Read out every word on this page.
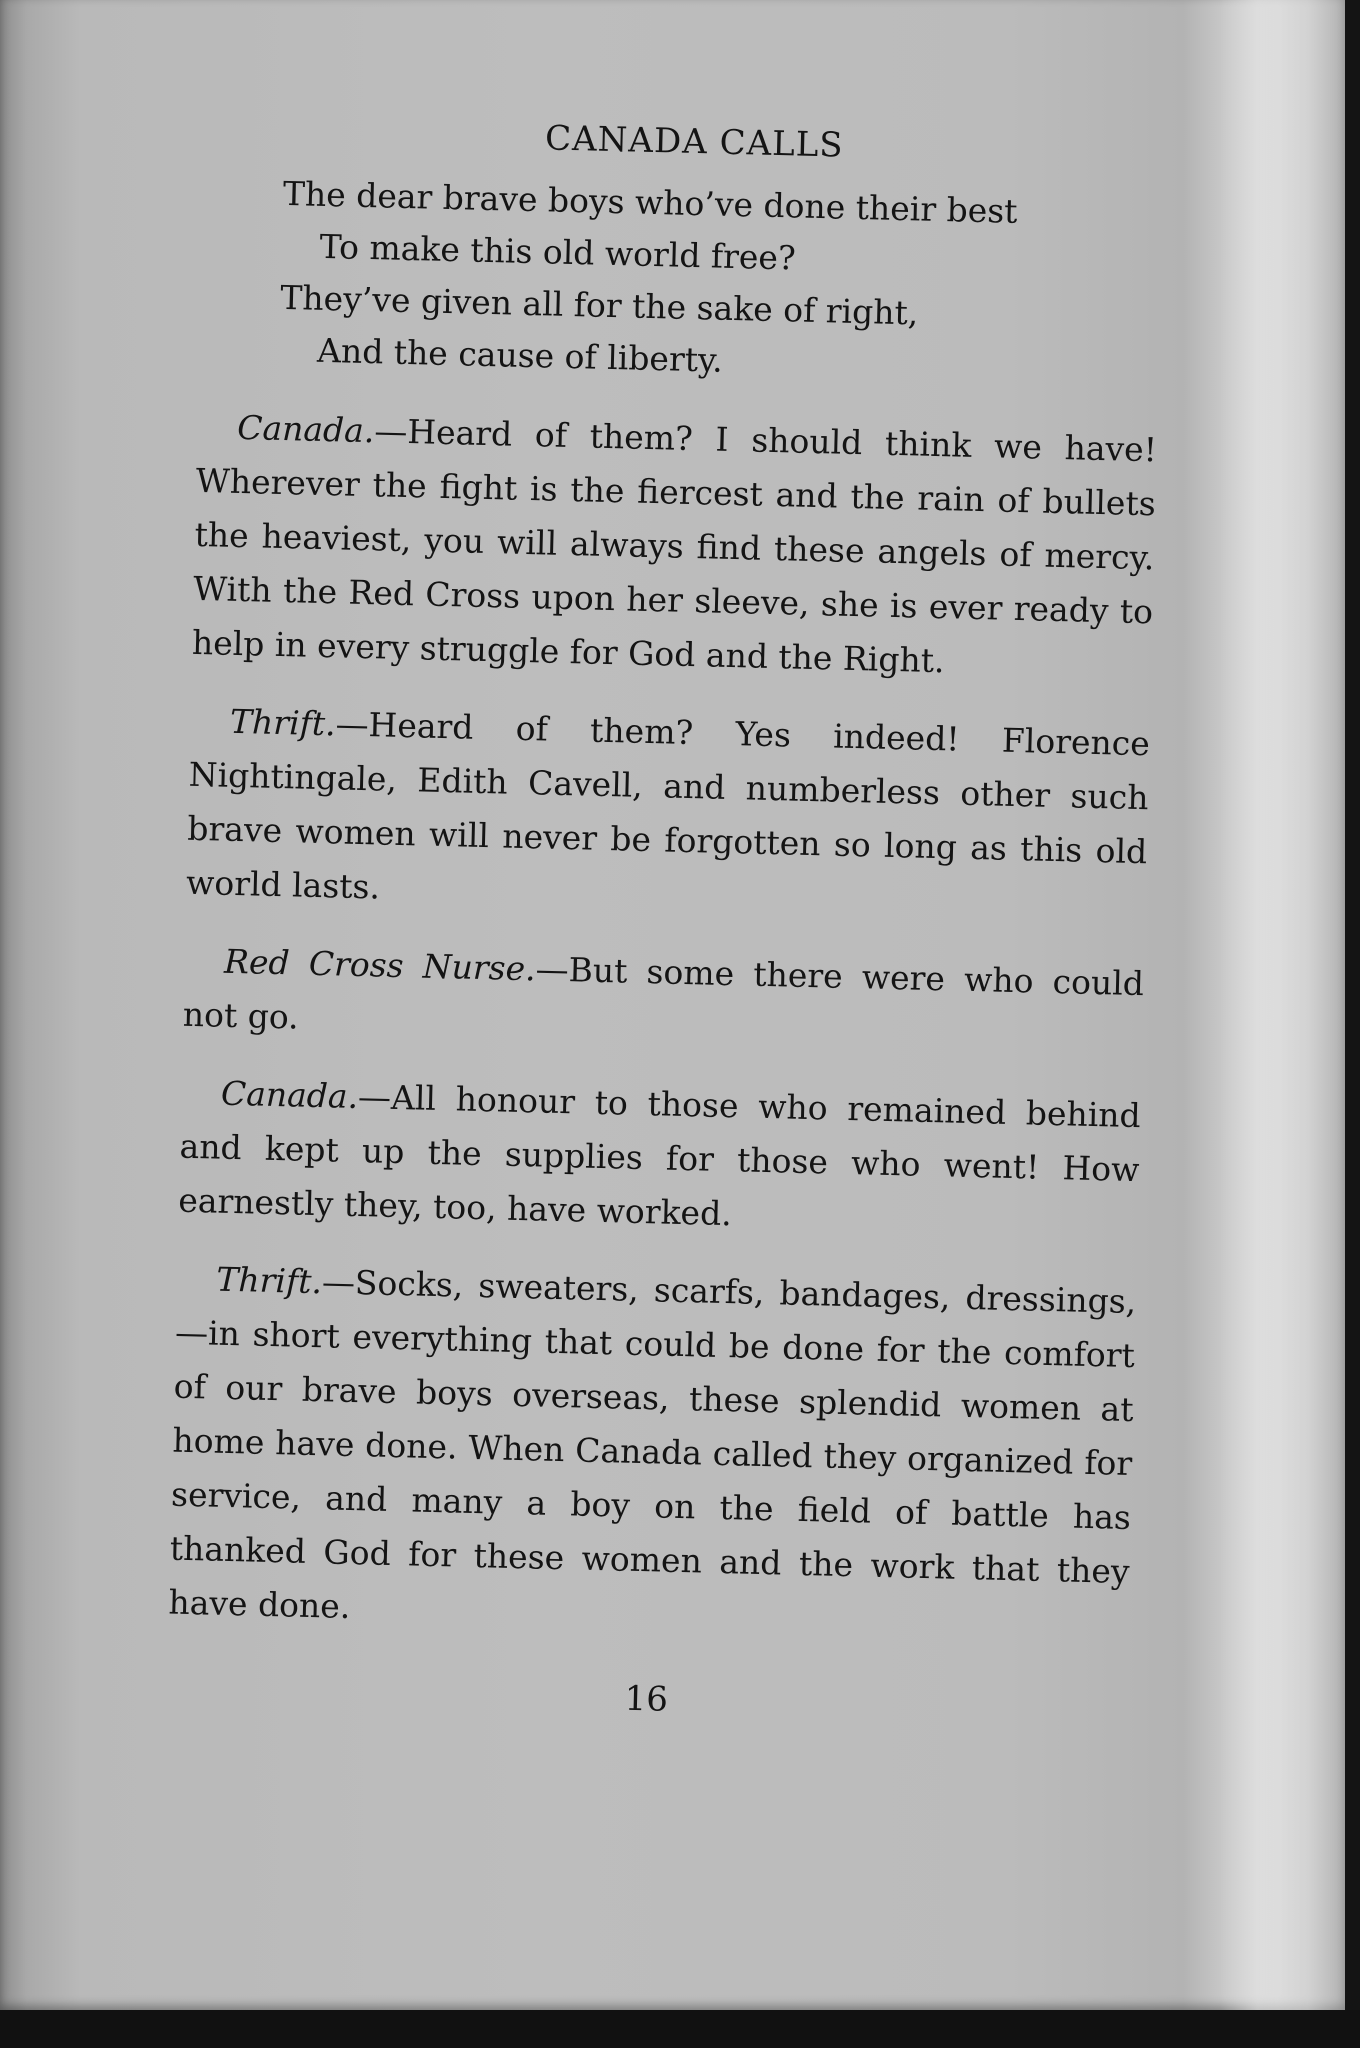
CANADA CALLS
The dear brave boys who’ve done their best
To make this old world free?
They’ve given all for the sake of right,
And the cause of liberty.

Canada.—Heard of them? I should think we have! Wherever the fight is the fiercest and the rain of bullets the heaviest, you will always find these angels of mercy. With the Red Cross upon her sleeve, she is ever ready to help in every struggle for God and the Right.

Thrift.—Heard of them? Yes indeed! Florence Nightingale, Edith Cavell, and numberless other such brave women will never be forgotten so long as this old world lasts.

Red Cross Nurse.—But some there were who could not go.

Canada.—All honour to those who remained behind and kept up the supplies for those who went! How earnestly they, too, have worked.

Thrift.—Socks, sweaters, scarfs, bandages, dressings,—in short everything that could be done for the comfort of our brave boys overseas, these splendid women at home have done. When Canada called they organized for service, and many a boy on the field of battle has thanked God for these women and the work that they have done.

16
